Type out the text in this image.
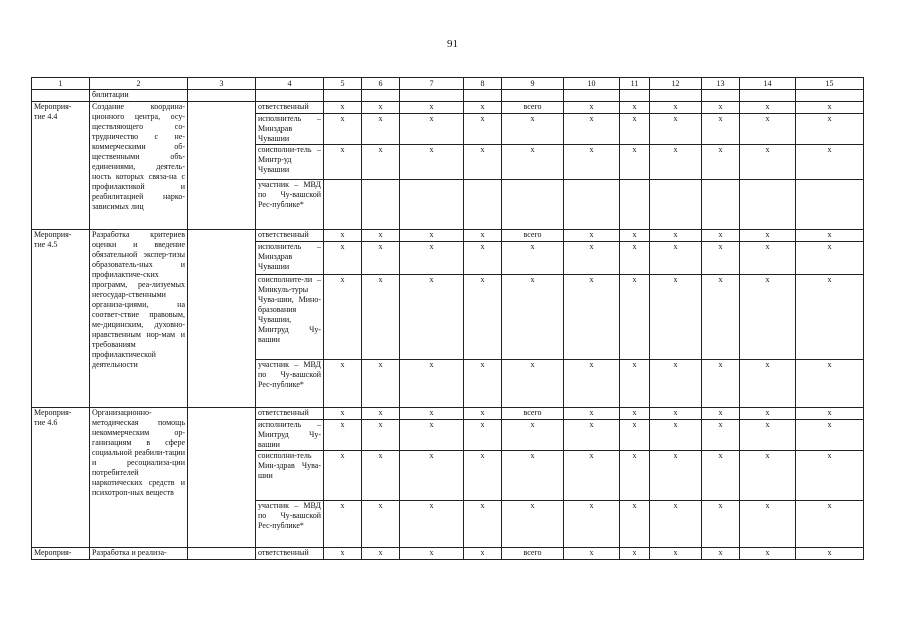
91
1	2	3	4	5	6	7	8	9	10	11	12	13	14	15
	билитации													
Мероприя-
тие 4.4	Создание координа-ционного центра, осу-ществляющего со-трудничество с не-коммерческими об-щественными объ-единениями, деятель-ность которых связа-на с профилактикой и реабилитацией нарко-зависимых лиц		ответственный	х	х	х	х	всего	х	х	х	х	х	х
			исполнитель – Минздрав Чувашии	х	х	х	х	х	х	х	х	х	х	х
			соисполни-тель – Минтр-уд Чувашии	х	х	х	х	х	х	х	х	х	х	х
			участник – МВД по Чу-вашской Рес-публике*											
Мероприя-
тие 4.5	Разработка критериев оценки и введение обязательной экспер-тизы образователь-ных и профилактиче-ских программ, реа-лизуемых негосудар-ственными организа-циями, на соответ-ствие правовым, ме-дицинским, духовно-нравственным нор-мам и требованиям профилактической деятельности		ответственный	х	х	х	х	всего	х	х	х	х	х	х
			исполнитель – Минздрав Чувашии	х	х	х	х	х	х	х	х	х	х	х
			соисполните-ли – Минкуль-туры Чува-шии, Мино-бразования Чувашии, Минтруд Чу-вашии	х	х	х	х	х	х	х	х	х	х	х
			участник – МВД по Чу-вашской Рес-публике*	х	х	х	х	х	х	х	х	х	х	х
Мероприя-
тие 4.6	Организационно-методическая помощь некоммерческим ор-ганизациям в сфере социальной реабили-тации и ресоциализа-ции потребителей наркотических средств и психотроп-ных веществ		ответственный	х	х	х	х	всего	х	х	х	х	х	х
			исполнитель – Минтруд Чу-вашии	х	х	х	х	х	х	х	х	х	х	х
			соисполни-тель Мин-здрав Чува-шии	х	х	х	х	х	х	х	х	х	х	х
			участник – МВД по Чу-вашской Рес-публике*	х	х	х	х	х	х	х	х	х	х	х
Мероприя-	Разработка и реализа-		ответственный	х	х	х	х	всего	х	х	х	х	х	х
